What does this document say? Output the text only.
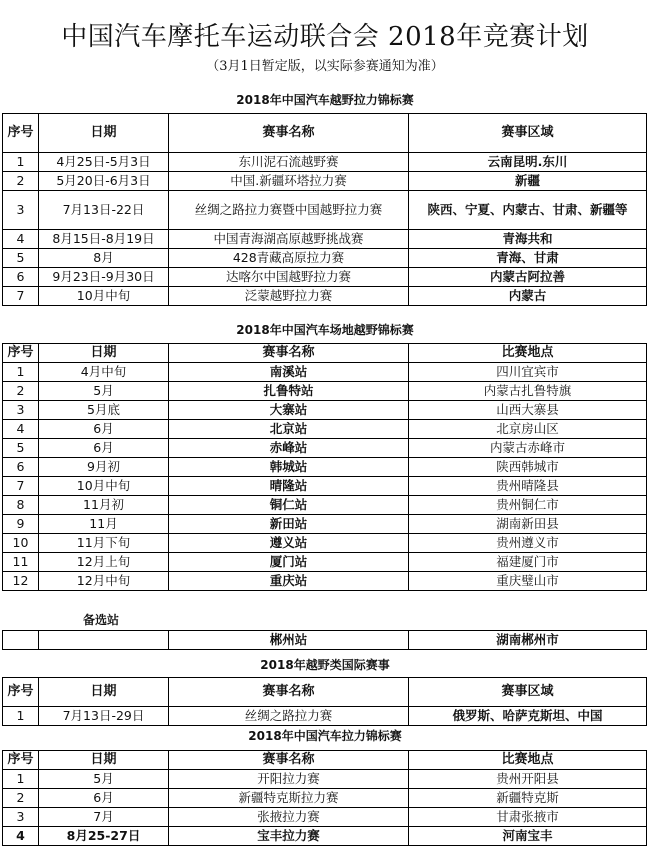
中国汽车摩托车运动联合会 2018年竞赛计划
（3月1日暂定版，以实际参赛通知为准）
2018年中国汽车越野拉力锦标赛
序号	日期	赛事名称	赛事区域
1	4月25日-5月3日	东川泥石流越野赛	云南昆明.东川
2	5月20日-6月3日	中国.新疆环塔拉力赛	新疆
3	7月13日-22日	丝绸之路拉力赛暨中国越野拉力赛	陕西、宁夏、内蒙古、甘肃、新疆等
4	8月15日-8月19日	中国青海湖高原越野挑战赛	青海共和
5	8月	428青藏高原拉力赛	青海、甘肃
6	9月23日-9月30日	达喀尔中国越野拉力赛	内蒙古阿拉善
7	10月中旬	泛蒙越野拉力赛	内蒙古
2018年中国汽车场地越野锦标赛
序号	日期	赛事名称	比赛地点
1	4月中旬	南溪站	四川宜宾市
2	5月	扎鲁特站	内蒙古扎鲁特旗
3	5月底	大寨站	山西大寨县
4	6月	北京站	北京房山区
5	6月	赤峰站	内蒙古赤峰市
6	9月初	韩城站	陕西韩城市
7	10月中旬	晴隆站	贵州晴隆县
8	11月初	铜仁站	贵州铜仁市
9	11月	新田站	湖南新田县
10	11月下旬	遵义站	贵州遵义市
11	12月上旬	厦门站	福建厦门市
12	12月中旬	重庆站	重庆璧山市
备选站
		郴州站	湖南郴州市
2018年越野类国际赛事
序号	日期	赛事名称	赛事区域
1	7月13日-29日	丝绸之路拉力赛	俄罗斯、哈萨克斯坦、中国
2018年中国汽车拉力锦标赛
序号	日期	赛事名称	比赛地点
1	5月	开阳拉力赛	贵州开阳县
2	6月	新疆特克斯拉力赛	新疆特克斯
3	7月	张掖拉力赛	甘肃张掖市
4	8月25-27日	宝丰拉力赛	河南宝丰
